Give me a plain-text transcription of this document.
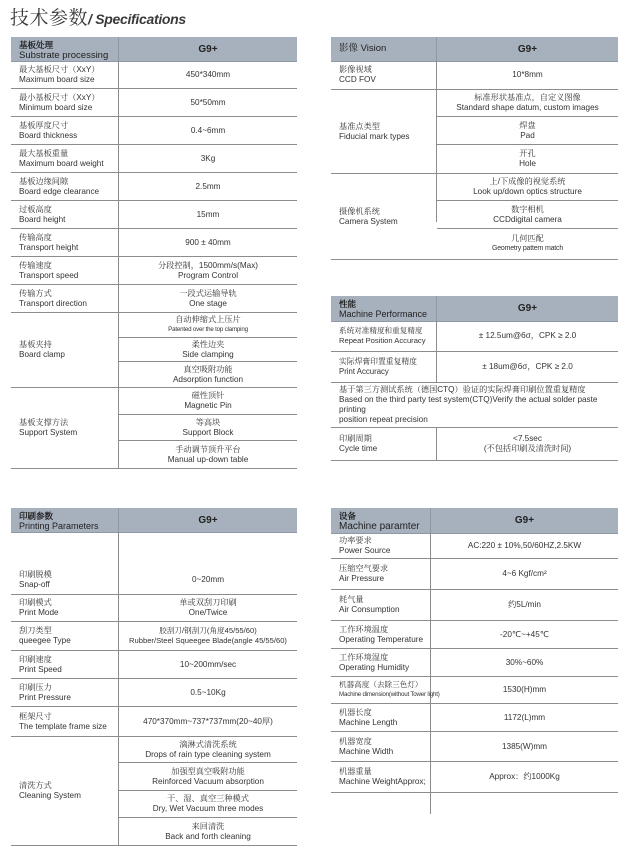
技术参数/ Specifications
基板处理
Substrate processing
G9+
最大基板尺寸（XxY）
Maximum board size
450*340mm
最小基板尺寸（XxY）
Minimum board size
50*50mm
基板厚度尺寸
Board thickness
0.4~6mm
最大基板重量
Maximum board weight
3Kg
基板边缘间隙
Board edge clearance
2.5mm
过板高度
Board height
15mm
传输高度
Transport height
900 ± 40mm
传输速度
Transport speed
分段控制，1500mm/s(Max)
Program Control
传输方式
Transport direction
一段式运输导轨
One stage
基板夹持
Board clamp
自动伸缩式上压片
Patented over the top clamping
柔性边夹
Side clamping
真空吸附功能
Adsorption function
基板支撑方法
Support System
磁性顶针
Magnetic Pin
等高块
Support Block
手动调节顶升平台
Manual up-down table
影像 Vision	G9+
影像视域
CCD FOV
10*8mm
基准点类型
Fiducial mark types
标准形状基准点，自定义图像
Standard shape datum, custom images
焊盘
Pad
开孔
Hole
摄像机系统
Camera System
上/下成像的视觉系统
Look up/down optics structure
数字相机
CCDdigital camera
几何匹配
Geometry pattern match
性能
Machine Performance	G9+
系统对准精度和重复精度
Repeat Position Accuracy
± 12.5um@6σ，CPK ≥ 2.0
实际焊膏印置重复精度
Print Accuracy
± 18um@6σ，CPK ≥ 2.0
基于第三方测试系统（德国CTQ）验证的实际焊膏印刷位置重复精度
Based on the third party test system(CTQ)Verify the actual solder paste printing
position repeat precision
印刷周期
Cycle time
<7.5sec
(不包括印刷及清洗时间)
印刷参数
Printing Parameters
G9+
印刷脱模
Snap-off
0~20mm
印刷模式
Print Mode
单或双刮刀印刷
One/Twice
刮刀类型
queegee Type
胶刮刀/钢刮刀(角度45/55/60)
Rubber/Steel Squeegee Blade(angle 45/55/60)
印刷速度
Print Speed
10~200mm/sec
印刷压力
Print Pressure
0.5~10Kg
框架尺寸
The template frame size
470*370mm~737*737mm(20~40厚)
清洗方式
Cleaning System
滴淋式清洗系统
Drops of rain type cleaning system
加强型真空吸附功能
Reinforced Vacuum absorption
干、湿、真空三种模式
Dry, Wet Vacuum three modes
来回清洗
Back and forth cleaning
设备
Machine paramter
G9+
功率要求
Power Source
AC:220 ± 10%,50/60HZ,2.5KW
压缩空气要求
Air Pressure
4~6 Kgf/cm²
耗气量
Air Consumption
约5L/min
工作环境温度
Operating Temperature
-20℃~+45℃
工作环境湿度
Operating Humidity
30%~60%
机器高度（去除三色灯）
Machine dimension(without Tower light)
1530(H)mm
机器长度
Machine Length
1172(L)mm
机器宽度
Machine Width
1385(W)mm
机器重量
Machine WeightApprox;
Approx：约1000Kg
